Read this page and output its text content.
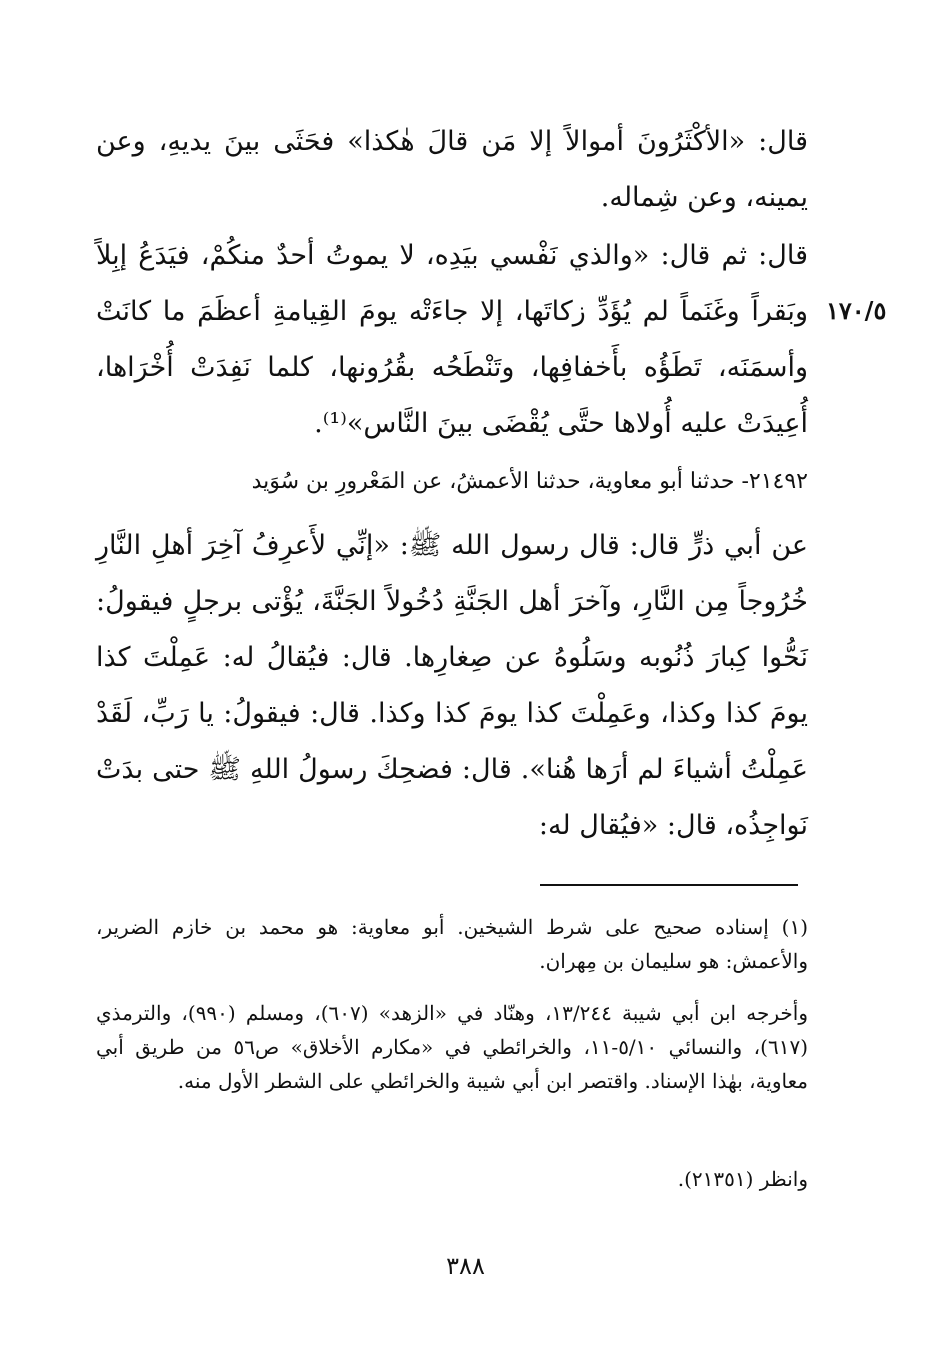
١٧٠/٥

قال: «الأكْثَرُونَ أموالاً إلا مَن قالَ هٰكذا» فحَثَى بينَ يديهِ، وعن يمينه، وعن شِماله.

قال: ثم قال: «والذي نَفْسي بيَدِه، لا يموتُ أحدٌ منكُمْ، فيَدَعُ إبِلاً وبَقراً وغَنَماً لم يُؤَدِّ زكاتَها، إلا جاءَتْه يومَ القِيامةِ أعظَمَ ما كانَتْ وأسمَنَه، تَطَؤُه بأَخفافِها، وتَنْطَحُه بقُرُونها، كلما نَفِدَتْ أُخْرَاها، أُعِيدَتْ عليه أُولاها حتَّى يُقْضَى بينَ النَّاس»⁽¹⁾.

٢١٤٩٢- حدثنا أبو معاوية، حدثنا الأعمشُ، عن المَعْرورِ بن سُوَيد

عن أبي ذرٍّ قال: قال رسول الله ﷺ: «إنِّي لأَعرِفُ آخِرَ أهلِ النَّارِ خُرُوجاً مِن النَّارِ، وآخرَ أهل الجَنَّةِ دُخُولاً الجَنَّةَ، يُؤْتى برجلٍ فيقولُ: نَحُّوا كِبارَ ذُنُوبه وسَلُوهُ عن صِغارِها. قال: فيُقالُ له: عَمِلْتَ كذا يومَ كذا وكذا، وعَمِلْتَ كذا يومَ كذا وكذا. قال: فيقولُ: يا رَبِّ، لَقَدْ عَمِلْتُ أشياءَ لم أرَها هُنا». قال: فضحِكَ رسولُ اللهِ ﷺ حتى بدَتْ نَواجِذُه، قال: «فيُقال له:

(١) إسناده صحيح على شرط الشيخين. أبو معاوية: هو محمد بن خازم الضرير، والأعمش: هو سليمان بن مِهران.

وأخرجه ابن أبي شيبة ١٣/٢٤٤، وهنّاد في «الزهد» (٦٠٧)، ومسلم (٩٩٠)، والترمذي (٦١٧)، والنسائي ٥/١٠-١١، والخرائطي في «مكارم الأخلاق» ص٥٦ من طريق أبي معاوية، بهٰذا الإسناد. واقتصر ابن أبي شيبة والخرائطي على الشطر الأول منه.

وانظر (٢١٣٥١).

٣٨٨
